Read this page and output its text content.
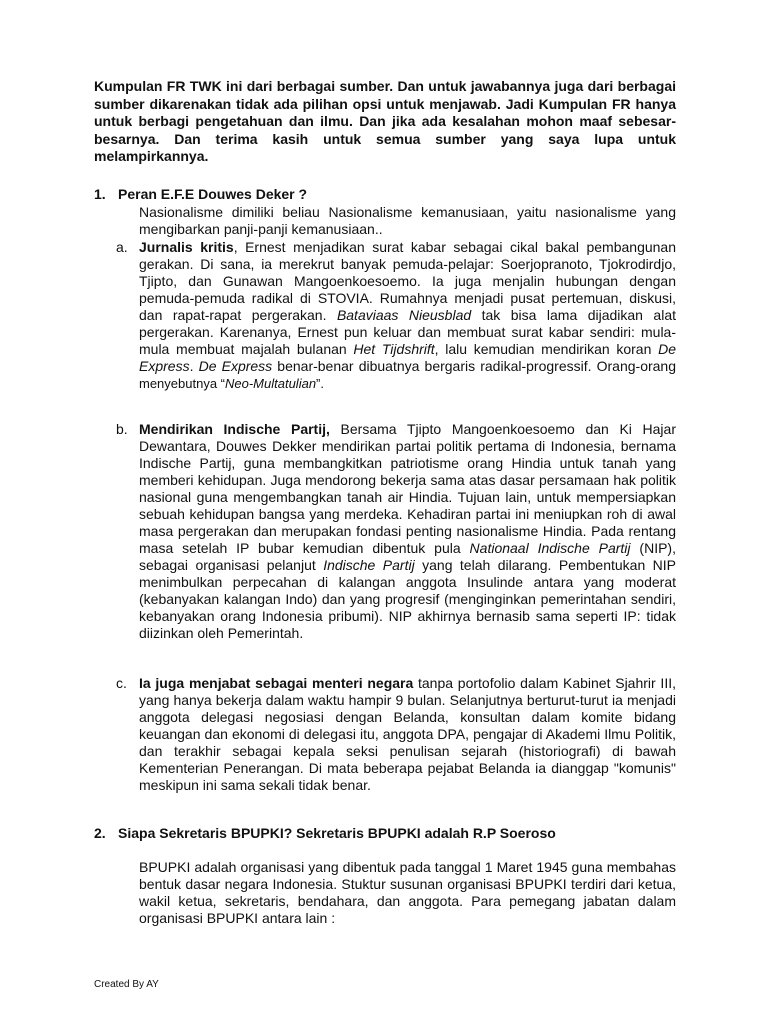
Kumpulan FR TWK ini dari berbagai sumber. Dan untuk jawabannya juga dari berbagai sumber dikarenakan tidak ada pilihan opsi untuk menjawab. Jadi Kumpulan FR hanya untuk berbagi pengetahuan dan ilmu. Dan jika ada kesalahan mohon maaf sebesar-besarnya. Dan terima kasih untuk semua sumber yang saya lupa untuk melampirkannya.

1. Peran E.F.E Douwes Deker ?

Nasionalisme dimiliki beliau Nasionalisme kemanusiaan, yaitu nasionalisme yang mengibarkan panji-panji kemanusiaan..

a. Jurnalis kritis, Ernest menjadikan surat kabar sebagai cikal bakal pembangunan gerakan. Di sana, ia merekrut banyak pemuda-pelajar: Soerjopranoto, Tjokrodirdjo, Tjipto, dan Gunawan Mangoenkoesoemo. Ia juga menjalin hubungan dengan pemuda-pemuda radikal di STOVIA. Rumahnya menjadi pusat pertemuan, diskusi, dan rapat-rapat pergerakan. Bataviaas Nieusblad tak bisa lama dijadikan alat pergerakan. Karenanya, Ernest pun keluar dan membuat surat kabar sendiri: mula-mula membuat majalah bulanan Het Tijdshrift, lalu kemudian mendirikan koran De Express. De Express benar-benar dibuatnya bergaris radikal-progressif. Orang-orang menyebutnya “Neo-Multatulian”.
b. Mendirikan Indische Partij, Bersama Tjipto Mangoenkoesoemo dan Ki Hajar Dewantara, Douwes Dekker mendirikan partai politik pertama di Indonesia, bernama Indische Partij, guna membangkitkan patriotisme orang Hindia untuk tanah yang memberi kehidupan. Juga mendorong bekerja sama atas dasar persamaan hak politik nasional guna mengembangkan tanah air Hindia. Tujuan lain, untuk mempersiapkan sebuah kehidupan bangsa yang merdeka. Kehadiran partai ini meniupkan roh di awal masa pergerakan dan merupakan fondasi penting nasionalisme Hindia. Pada rentang masa setelah IP bubar kemudian dibentuk pula Nationaal Indische Partij (NIP), sebagai organisasi pelanjut Indische Partij yang telah dilarang. Pembentukan NIP menimbulkan perpecahan di kalangan anggota Insulinde antara yang moderat (kebanyakan kalangan Indo) dan yang progresif (menginginkan pemerintahan sendiri, kebanyakan orang Indonesia pribumi). NIP akhirnya bernasib sama seperti IP: tidak diizinkan oleh Pemerintah.
c. Ia juga menjabat sebagai menteri negara tanpa portofolio dalam Kabinet Sjahrir III, yang hanya bekerja dalam waktu hampir 9 bulan. Selanjutnya berturut-turut ia menjadi anggota delegasi negosiasi dengan Belanda, konsultan dalam komite bidang keuangan dan ekonomi di delegasi itu, anggota DPA, pengajar di Akademi Ilmu Politik, dan terakhir sebagai kepala seksi penulisan sejarah (historiografi) di bawah Kementerian Penerangan. Di mata beberapa pejabat Belanda ia dianggap "komunis" meskipun ini sama sekali tidak benar.

2. Siapa Sekretaris BPUPKI? Sekretaris BPUPKI adalah R.P Soeroso

BPUPKI adalah organisasi yang dibentuk pada tanggal 1 Maret 1945 guna membahas bentuk dasar negara Indonesia. Stuktur susunan organisasi BPUPKI terdiri dari ketua, wakil ketua, sekretaris, bendahara, dan anggota. Para pemegang jabatan dalam organisasi BPUPKI antara lain :

Created By AY
